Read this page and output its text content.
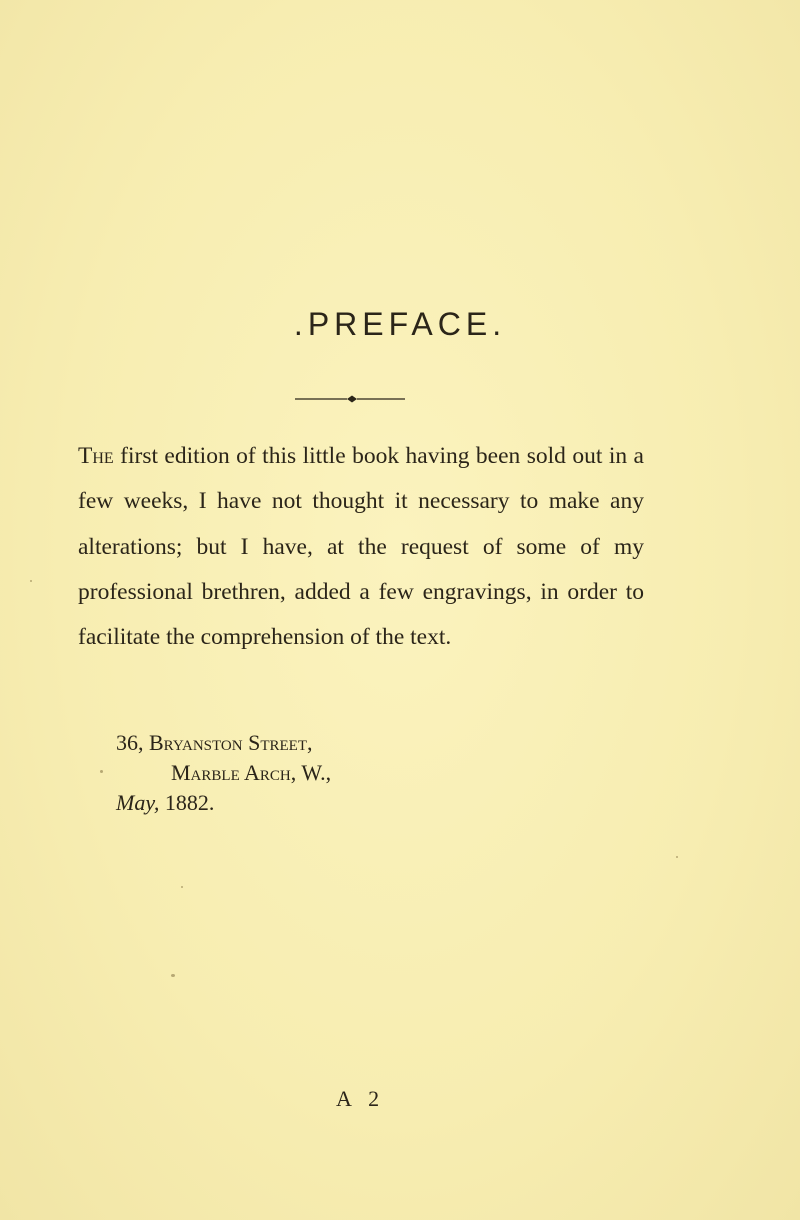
.PREFACE.
The first edition of this little book having been sold out in a few weeks, I have not thought it necessary to make any alterations; but I have, at the request of some of my professional brethren, added a few engravings, in order to facilitate the comprehension of the text.
36, Bryanston Street,
Marble Arch, W.,
May, 1882.
A 2
